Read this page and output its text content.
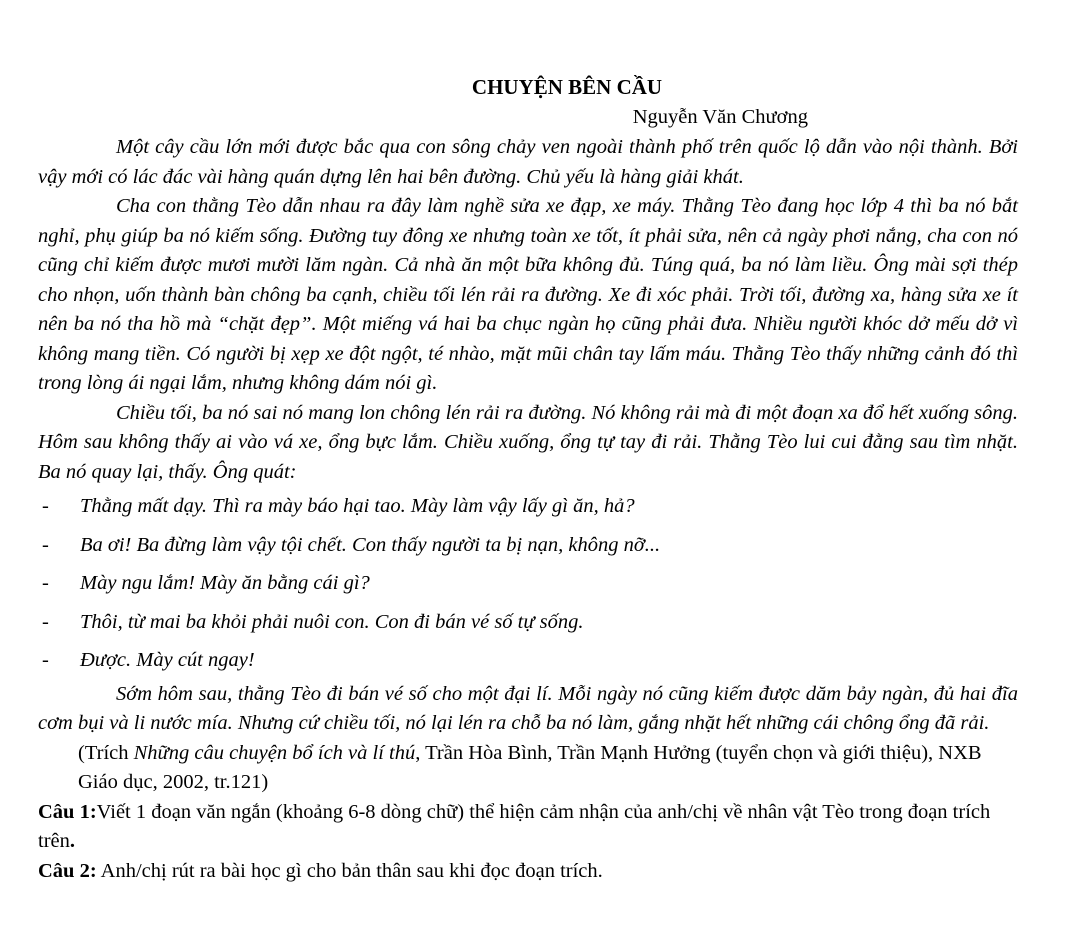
CHUYỆN BÊN CẦU
Nguyễn Văn Chương

Một cây cầu lớn mới được bắc qua con sông chảy ven ngoài thành phố trên quốc lộ dẫn vào nội thành. Bởi vậy mới có lác đác vài hàng quán dựng lên hai bên đường. Chủ yếu là hàng giải khát.

Cha con thằng Tèo dẫn nhau ra đây làm nghề sửa xe đạp, xe máy. Thằng Tèo đang học lớp 4 thì ba nó bắt nghỉ, phụ giúp ba nó kiếm sống. Đường tuy đông xe nhưng toàn xe tốt, ít phải sửa, nên cả ngày phơi nắng, cha con nó cũng chỉ kiếm được mươi mười lăm ngàn. Cả nhà ăn một bữa không đủ. Túng quá, ba nó làm liều. Ông mài sợi thép cho nhọn, uốn thành bàn chông ba cạnh, chiều tối lén rải ra đường. Xe đi xóc phải. Trời tối, đường xa, hàng sửa xe ít nên ba nó tha hồ mà “chặt đẹp”. Một miếng vá hai ba chục ngàn họ cũng phải đưa. Nhiều người khóc dở mếu dở vì không mang tiền. Có người bị xẹp xe đột ngột, té nhào, mặt mũi chân tay lấm máu. Thằng Tèo thấy những cảnh đó thì trong lòng ái ngại lắm, nhưng không dám nói gì.

Chiều tối, ba nó sai nó mang lon chông lén rải ra đường. Nó không rải mà đi một đoạn xa đổ hết xuống sông. Hôm sau không thấy ai vào vá xe, ổng bực lắm. Chiều xuống, ổng tự tay đi rải. Thằng Tèo lui cui đằng sau tìm nhặt. Ba nó quay lại, thấy. Ông quát:

- Thằng mất dạy. Thì ra mày báo hại tao. Mày làm vậy lấy gì ăn, hả?

- Ba ơi! Ba đừng làm vậy tội chết. Con thấy người ta bị nạn, không nỡ...

- Mày ngu lắm! Mày ăn bằng cái gì?

- Thôi, từ mai ba khỏi phải nuôi con. Con đi bán vé số tự sống.

- Được. Mày cút ngay!

Sớm hôm sau, thằng Tèo đi bán vé số cho một đại lí. Mỗi ngày nó cũng kiếm được dăm bảy ngàn, đủ hai đĩa cơm bụi và li nước mía. Nhưng cứ chiều tối, nó lại lén ra chỗ ba nó làm, gắng nhặt hết những cái chông ổng đã rải.

(Trích Những câu chuyện bổ ích và lí thú, Trần Hòa Bình, Trần Mạnh Hưởng (tuyển chọn và giới thiệu), NXB Giáo dục, 2002, tr.121)

Câu 1:Viết 1 đoạn văn ngắn (khoảng 6-8 dòng chữ) thể hiện cảm nhận của anh/chị về nhân vật Tèo trong đoạn trích trên.

Câu 2: Anh/chị rút ra bài học gì cho bản thân sau khi đọc đoạn trích.
